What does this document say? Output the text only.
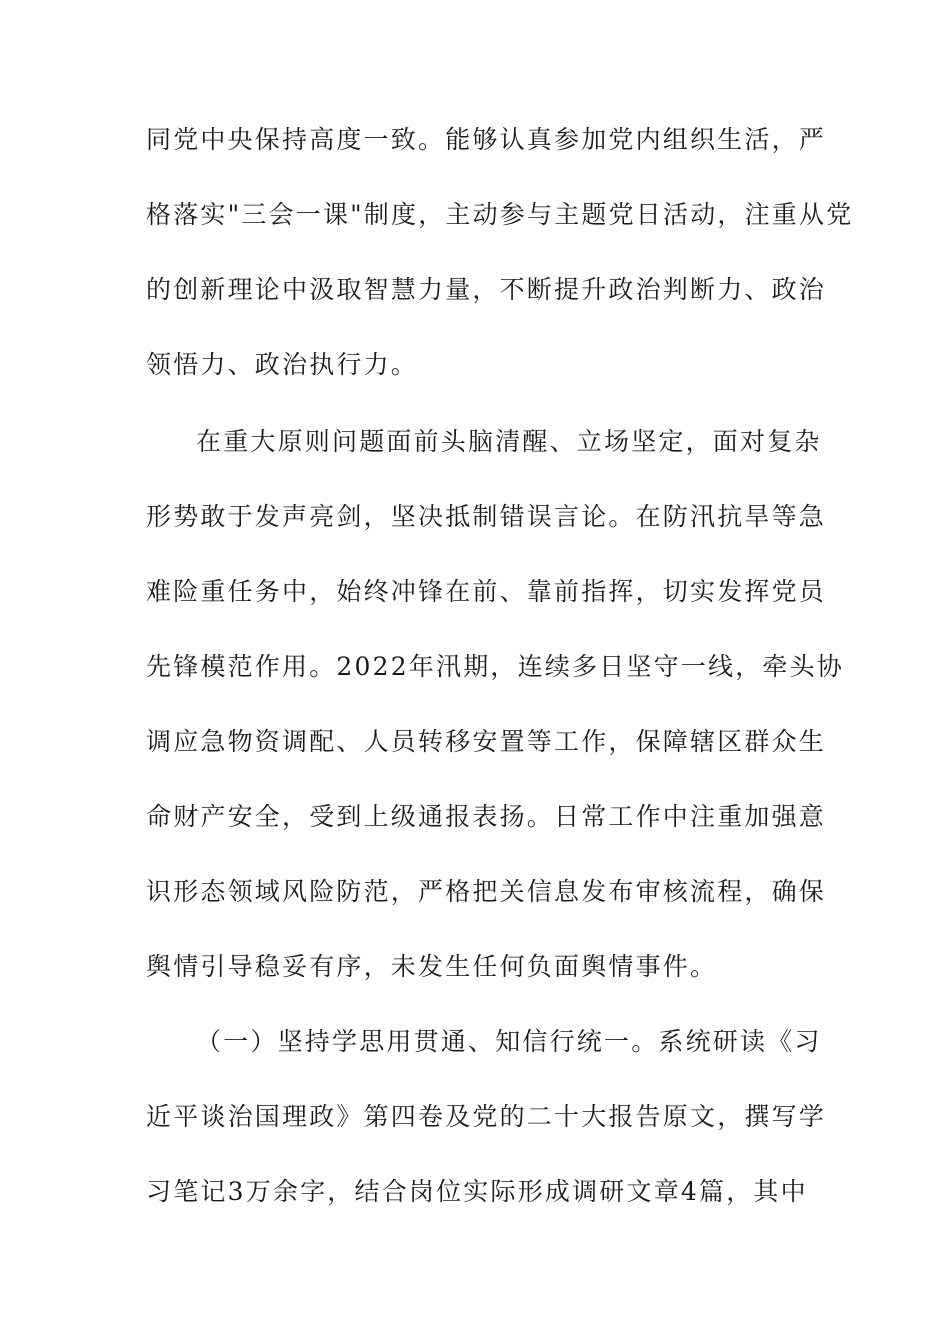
同党中央保持高度一致。能够认真参加党内组织生活，严
格落实"三会一课"制度，主动参与主题党日活动，注重从党
的创新理论中汲取智慧力量，不断提升政治判断力、政治
领悟力、政治执行力。
在重大原则问题面前头脑清醒、立场坚定，面对复杂
形势敢于发声亮剑，坚决抵制错误言论。在防汛抗旱等急
难险重任务中，始终冲锋在前、靠前指挥，切实发挥党员
先锋模范作用。2022年汛期，连续多日坚守一线，牵头协
调应急物资调配、人员转移安置等工作，保障辖区群众生
命财产安全，受到上级通报表扬。日常工作中注重加强意
识形态领域风险防范，严格把关信息发布审核流程，确保
舆情引导稳妥有序，未发生任何负面舆情事件。
（一）坚持学思用贯通、知信行统一。系统研读《习
近平谈治国理政》第四卷及党的二十大报告原文，撰写学
习笔记3万余字，结合岗位实际形成调研文章4篇，其中
